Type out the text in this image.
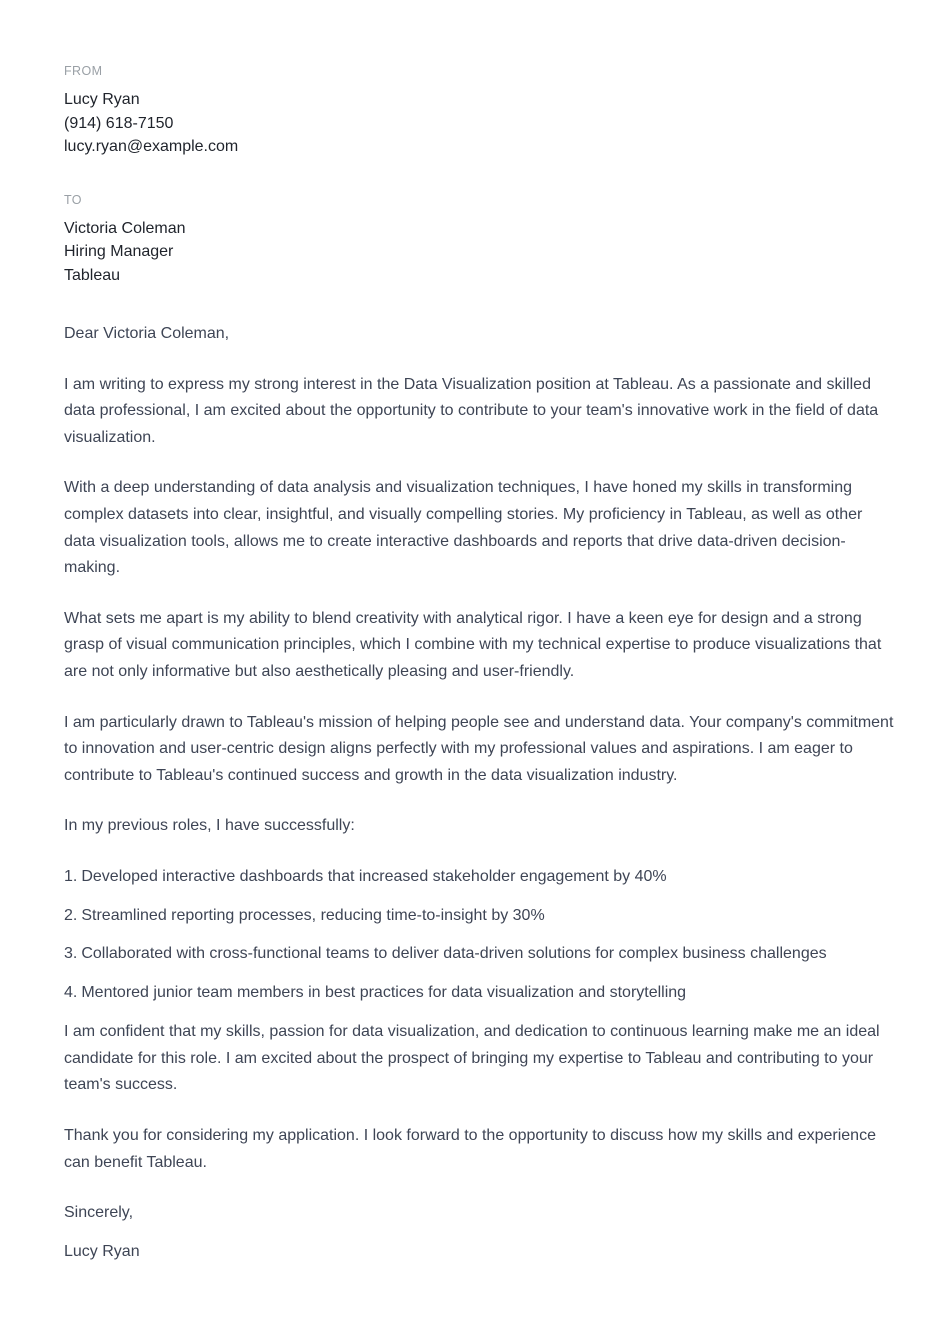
FROM
Lucy Ryan
(914) 618-7150
lucy.ryan@example.com
TO
Victoria Coleman
Hiring Manager
Tableau

Dear Victoria Coleman,

I am writing to express my strong interest in the Data Visualization position at Tableau. As a passionate and skilled data professional, I am excited about the opportunity to contribute to your team's innovative work in the field of data visualization.

With a deep understanding of data analysis and visualization techniques, I have honed my skills in transforming complex datasets into clear, insightful, and visually compelling stories. My proficiency in Tableau, as well as other data visualization tools, allows me to create interactive dashboards and reports that drive data-driven decision-making.

What sets me apart is my ability to blend creativity with analytical rigor. I have a keen eye for design and a strong grasp of visual communication principles, which I combine with my technical expertise to produce visualizations that are not only informative but also aesthetically pleasing and user-friendly.

I am particularly drawn to Tableau's mission of helping people see and understand data. Your company's commitment to innovation and user-centric design aligns perfectly with my professional values and aspirations. I am eager to contribute to Tableau's continued success and growth in the data visualization industry.

In my previous roles, I have successfully:

1. Developed interactive dashboards that increased stakeholder engagement by 40%

2. Streamlined reporting processes, reducing time-to-insight by 30%

3. Collaborated with cross-functional teams to deliver data-driven solutions for complex business challenges

4. Mentored junior team members in best practices for data visualization and storytelling

I am confident that my skills, passion for data visualization, and dedication to continuous learning make me an ideal candidate for this role. I am excited about the prospect of bringing my expertise to Tableau and contributing to your team's success.

Thank you for considering my application. I look forward to the opportunity to discuss how my skills and experience can benefit Tableau.

Sincerely,

Lucy Ryan
